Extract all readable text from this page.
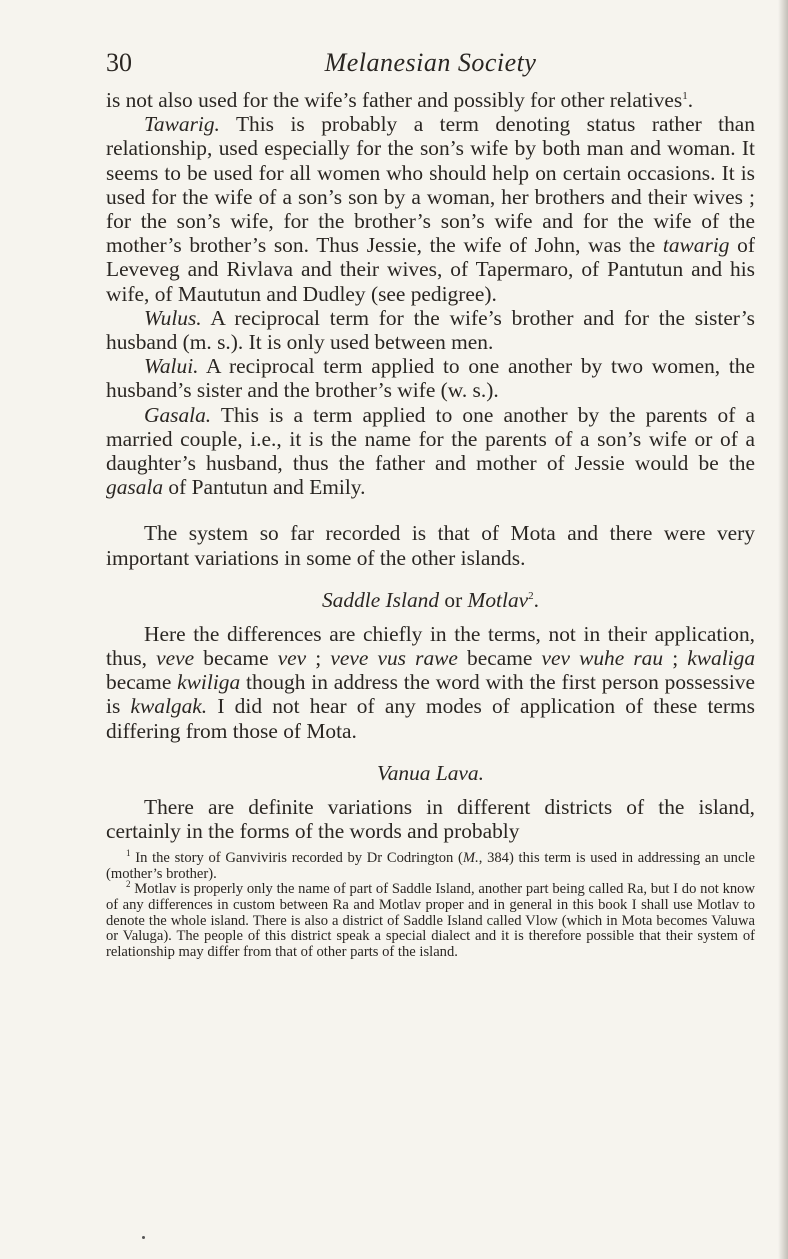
30	Melanesian Society

is not also used for the wife’s father and possibly for other relatives$^1$.

Tawarig. This is probably a term denoting status rather than relationship, used especially for the son’s wife by both man and woman. It seems to be used for all women who should help on certain occasions. It is used for the wife of a son’s son by a woman, her brothers and their wives ; for the son’s wife, for the brother’s son’s wife and for the wife of the mother’s brother’s son. Thus Jessie, the wife of John, was the tawarig of Leveveg and Rivlava and their wives, of Tapermaro, of Pantutun and his wife, of Maututun and Dudley (see pedigree).

Wulus. A reciprocal term for the wife’s brother and for the sister’s husband (m. s.). It is only used between men.

Walui. A reciprocal term applied to one another by two women, the husband’s sister and the brother’s wife (w. s.).

Gasala. This is a term applied to one another by the parents of a married couple, i.e., it is the name for the parents of a son’s wife or of a daughter’s husband, thus the father and mother of Jessie would be the gasala of Pantutun and Emily.

The system so far recorded is that of Mota and there were very important variations in some of the other islands.

Saddle Island or Motlav$^2$.

Here the differences are chiefly in the terms, not in their application, thus, veve became vev ; veve vus rawe became vev wuhe rau ; kwaliga became kwiliga though in address the word with the first person possessive is kwalgak. I did not hear of any modes of application of these terms differing from those of Mota.

Vanua Lava.

There are definite variations in different districts of the island, certainly in the forms of the words and probably

$^1$ In the story of Ganviviris recorded by Dr Codrington (M., 384) this term is used in addressing an uncle (mother’s brother).

$^2$ Motlav is properly only the name of part of Saddle Island, another part being called Ra, but I do not know of any differences in custom between Ra and Motlav proper and in general in this book I shall use Motlav to denote the whole island. There is also a district of Saddle Island called Vlow (which in Mota becomes Valuwa or Valuga). The people of this district speak a special dialect and it is therefore possible that their system of relationship may differ from that of other parts of the island.
